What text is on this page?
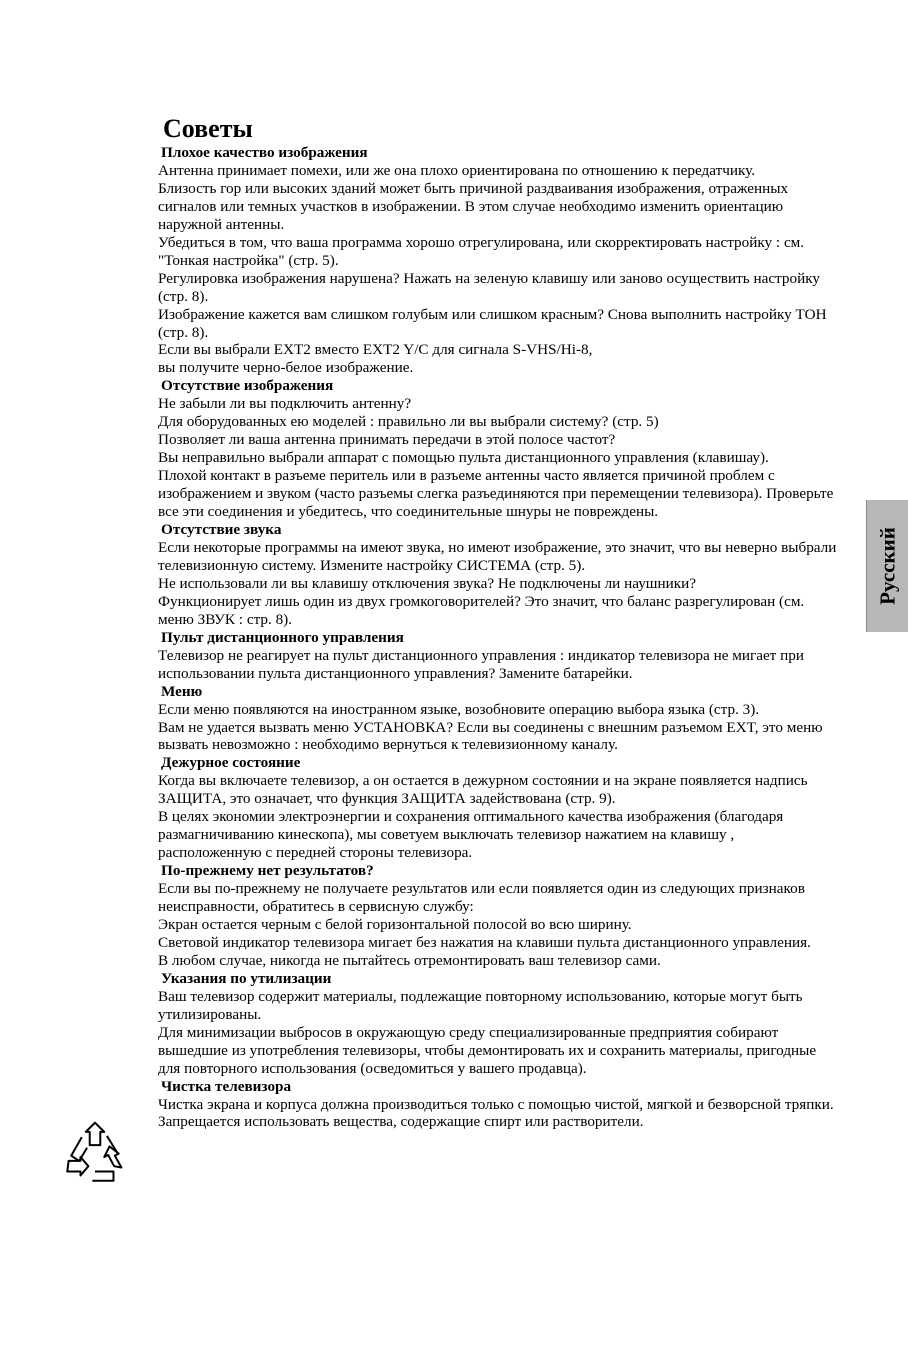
Советы
Плохое качество изображения

Антенна принимает помехи, или же она плохо ориентирована по отношению к передатчику.

Близость гор или высоких зданий может быть причиной раздваивания изображения, отраженных сигналов или темных участков в изображении. В этом случае необходимо изменить ориентацию наружной антенны.

Убедиться в том, что ваша программа хорошо отрегулирована, или скорректировать настройку : см. "Тонкая настройка" (стр. 5).

Регулировка изображения нарушена? Нажать на зеленую клавишу или заново осуществить настройку (стр. 8).

Изображение кажется вам слишком голубым или слишком красным? Снова выполнить настройку ТОН (стр. 8).

Если вы выбрали EXT2 вместо EXT2 Y/C для сигнала S-VHS/Hi-8,

вы получите черно-белое изображение.

Отсутствие изображения

Не забыли ли вы подключить антенну?

Для оборудованных ею моделей : правильно ли вы выбрали систему? (стр. 5)

Позволяет ли ваша антенна принимать передачи в этой полосе частот?

Вы неправильно выбрали аппарат с помощью пульта дистанционного управления (клавишау).

Плохой контакт в разъеме перитель или в разъеме антенны часто является причиной проблем с изображением и звуком (часто разъемы слегка разъединяются при перемещении телевизора). Проверьте все эти соединения и убедитесь, что соединительные шнуры не повреждены.

Отсутствие звука

Если некоторые программы на имеют звука, но имеют изображение, это значит, что вы неверно выбрали телевизионную систему. Измените настройку СИСТЕМА (стр. 5).

Не использовали ли вы клавишу отключения звука? Не подключены ли наушники?

Функционирует лишь один из двух громкоговорителей? Это значит, что баланс разрегулирован (см. меню ЗВУК : стр. 8).

Пульт дистанционного управления

Телевизор не реагирует на пульт дистанционного управления : индикатор телевизора не мигает при использовании пульта дистанционного управления? Замените батарейки.

Меню

Если меню появляются на иностранном языке, возобновите операцию выбора языка (стр. 3).

Вам не удается вызвать меню УСТАНОВКА? Если вы соединены с внешним разъемом EXT, это меню вызвать невозможно : необходимо вернуться к телевизионному каналу.

Дежурное состояние

Когда вы включаете телевизор, а он остается в дежурном состоянии и на экране появляется надпись ЗАЩИТА, это означает, что функция ЗАЩИТА задействована (стр. 9).

В целях экономии электроэнергии и сохранения оптимального качества изображения (благодаря размагничиванию кинескопа), мы советуем выключать телевизор нажатием на клавишу , расположенную с передней стороны телевизора.

По-прежнему нет результатов?

Если вы по-прежнему не получаете результатов или если появляется один из следующих признаков неисправности, обратитесь в сервисную службу:

Экран остается черным с белой горизонтальной полосой во всю ширину.

Световой индикатор телевизора мигает без нажатия на клавиши пульта дистанционного управления.

В любом случае, никогда не пытайтесь отремонтировать ваш телевизор сами.

Указания по утилизации

Ваш телевизор содержит материалы, подлежащие повторному использованию, которые могут быть утилизированы.

Для минимизации выбросов в окружающую среду специализированные предприятия собирают вышедшие из употребления телевизоры, чтобы демонтировать их и сохранить материалы, пригодные для повторного использования (осведомиться у вашего продавца).

Чистка телевизора

Чистка экрана и корпуса должна производиться только с помощью чистой, мягкой и безворсной тряпки. Запрещается использовать вещества, содержащие спирт или растворители.

Русский
